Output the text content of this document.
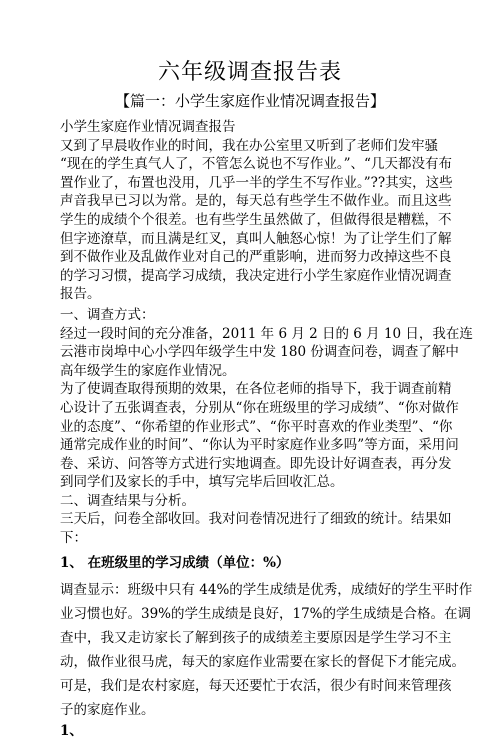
六年级调查报告表
【篇一：小学生家庭作业情况调查报告】
小学生家庭作业情况调查报告
又到了早晨收作业的时间，我在办公室里又听到了老师们发牢骚
“现在的学生真气人了，不管怎么说也不写作业。”、“几天都没有布
置作业了，布置也没用，几乎一半的学生不写作业。”??其实，这些
声音我早已习以为常。是的，每天总有些学生不做作业。而且这些
学生的成绩个个很差。也有些学生虽然做了，但做得很是糟糕，不
但字迹潦草，而且满是红叉，真叫人触怒心惊！为了让学生们了解
到不做作业及乱做作业对自己的严重影响，进而努力改掉这些不良
的学习习惯，提高学习成绩，我决定进行小学生家庭作业情况调查
报告。
一、调查方式：
经过一段时间的充分准备，2011 年 6 月 2 日的 6 月 10 日，我在连
云港市岗埠中心小学四年级学生中发 180 份调查问卷，调查了解中
高年级学生的家庭作业情况。
为了使调查取得预期的效果，在各位老师的指导下，我于调查前精
心设计了五张调查表，分别从“你在班级里的学习成绩”、“你对做作
业的态度”、“你希望的作业形式”、“你平时喜欢的作业类型”、“你
通常完成作业的时间”、“你认为平时家庭作业多吗”等方面，采用问
卷、采访、问答等方式进行实地调查。即先设计好调查表，再分发
到同学们及家长的手中，填写完毕后回收汇总。
二、调查结果与分析。
三天后，问卷全部收回。我对问卷情况进行了细致的统计。结果如
下：
1、 在班级里的学习成绩（单位：%）
调查显示：班级中只有 44%的学生成绩是优秀，成绩好的学生平时作
业习惯也好。39%的学生成绩是良好，17%的学生成绩是合格。在调
查中，我又走访家长了解到孩子的成绩差主要原因是学生学习不主
动，做作业很马虎，每天的家庭作业需要在家长的督促下才能完成。
可是，我们是农村家庭，每天还要忙于农活，很少有时间来管理孩
子的家庭作业。
1、
